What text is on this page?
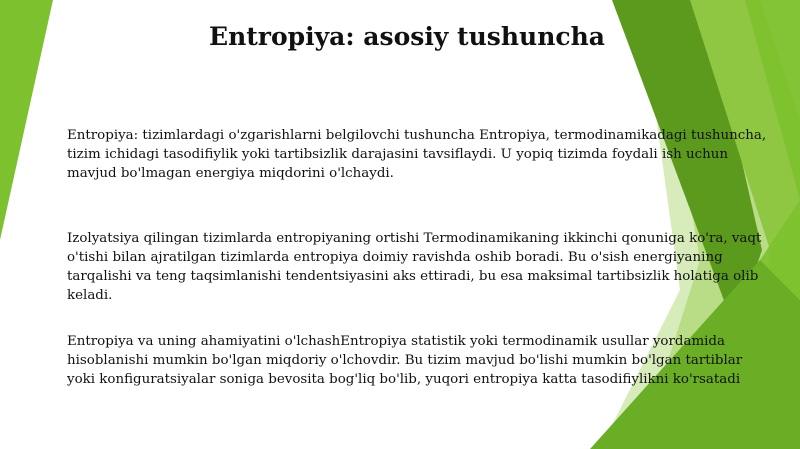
Entropiya: asosiy tushuncha

Entropiya: tizimlardagi o'zgarishlarni belgilovchi tushuncha Entropiya, termodinamikadagi tushuncha, tizim ichidagi tasodifiylik yoki tartibsizlik darajasini tavsiflaydi. U yopiq tizimda foydali ish uchun mavjud bo'lmagan energiya miqdorini o'lchaydi.

Izolyatsiya qilingan tizimlarda entropiyaning ortishi Termodinamikaning ikkinchi qonuniga ko'ra, vaqt o'tishi bilan ajratilgan tizimlarda entropiya doimiy ravishda oshib boradi. Bu o'sish energiyaning tarqalishi va teng taqsimlanishi tendentsiyasini aks ettiradi, bu esa maksimal tartibsizlik holatiga olib keladi.

Entropiya va uning ahamiyatini o'lchashEntropiya statistik yoki termodinamik usullar yordamida hisoblanishi mumkin bo'lgan miqdoriy o'lchovdir. Bu tizim mavjud bo'lishi mumkin bo'lgan tartiblar yoki konfiguratsiyalar soniga bevosita bog'liq bo'lib, yuqori entropiya katta tasodifiylikni ko'rsatadi
